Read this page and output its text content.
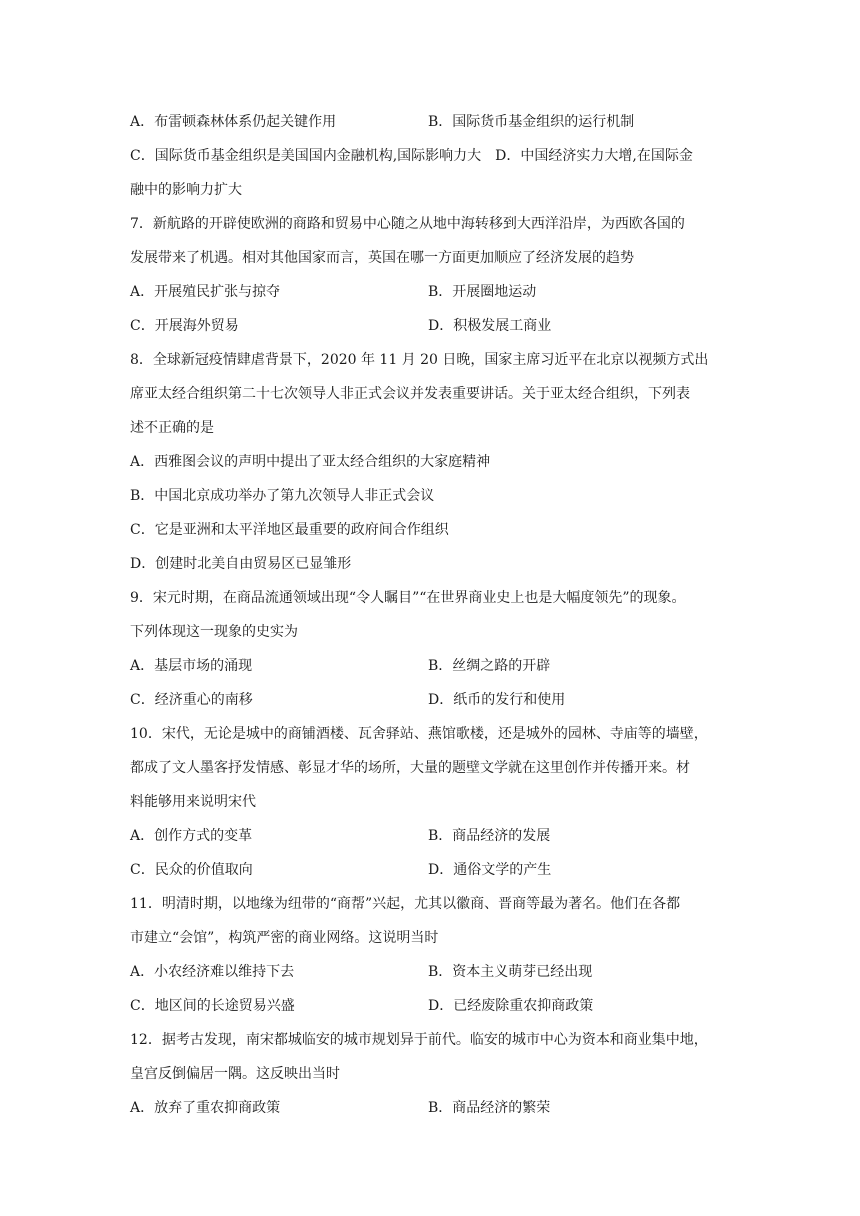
A．布雷顿森林体系仍起关键作用	B．国际货币基金组织的运行机制
C．国际货币基金组织是美国国内金融机构,国际影响力大　D．中国经济实力大增,在国际金
融中的影响力扩大
7．新航路的开辟使欧洲的商路和贸易中心随之从地中海转移到大西洋沿岸，为西欧各国的
发展带来了机遇。相对其他国家而言，英国在哪一方面更加顺应了经济发展的趋势
A．开展殖民扩张与掠夺	B．开展圈地运动
C．开展海外贸易	D．积极发展工商业
8．全球新冠疫情肆虐背景下，2020 年 11 月 20 日晚，国家主席习近平在北京以视频方式出
席亚太经合组织第二十七次领导人非正式会议并发表重要讲话。关于亚太经合组织，下列表
述不正确的是
A．西雅图会议的声明中提出了亚太经合组织的大家庭精神
B．中国北京成功举办了第九次领导人非正式会议
C．它是亚洲和太平洋地区最重要的政府间合作组织
D．创建时北美自由贸易区已显雏形
9．宋元时期，在商品流通领域出现“令人瞩目”“在世界商业史上也是大幅度领先”的现象。
下列体现这一现象的史实为
A．基层市场的涌现	B．丝绸之路的开辟
C．经济重心的南移	D．纸币的发行和使用
10．宋代，无论是城中的商铺酒楼、瓦舍驿站、燕馆歌楼，还是城外的园林、寺庙等的墙壁，
都成了文人墨客抒发情感、彰显才华的场所，大量的题壁文学就在这里创作并传播开来。材
料能够用来说明宋代
A．创作方式的变革	B．商品经济的发展
C．民众的价值取向	D．通俗文学的产生
11．明清时期，以地缘为纽带的“商帮”兴起，尤其以徽商、晋商等最为著名。他们在各都
市建立“会馆”，构筑严密的商业网络。这说明当时
A．小农经济难以维持下去	B．资本主义萌芽已经出现
C．地区间的长途贸易兴盛	D．已经废除重农抑商政策
12．据考古发现，南宋都城临安的城市规划异于前代。临安的城市中心为资本和商业集中地，
皇宫反倒偏居一隅。这反映出当时
A．放弃了重农抑商政策	B．商品经济的繁荣
